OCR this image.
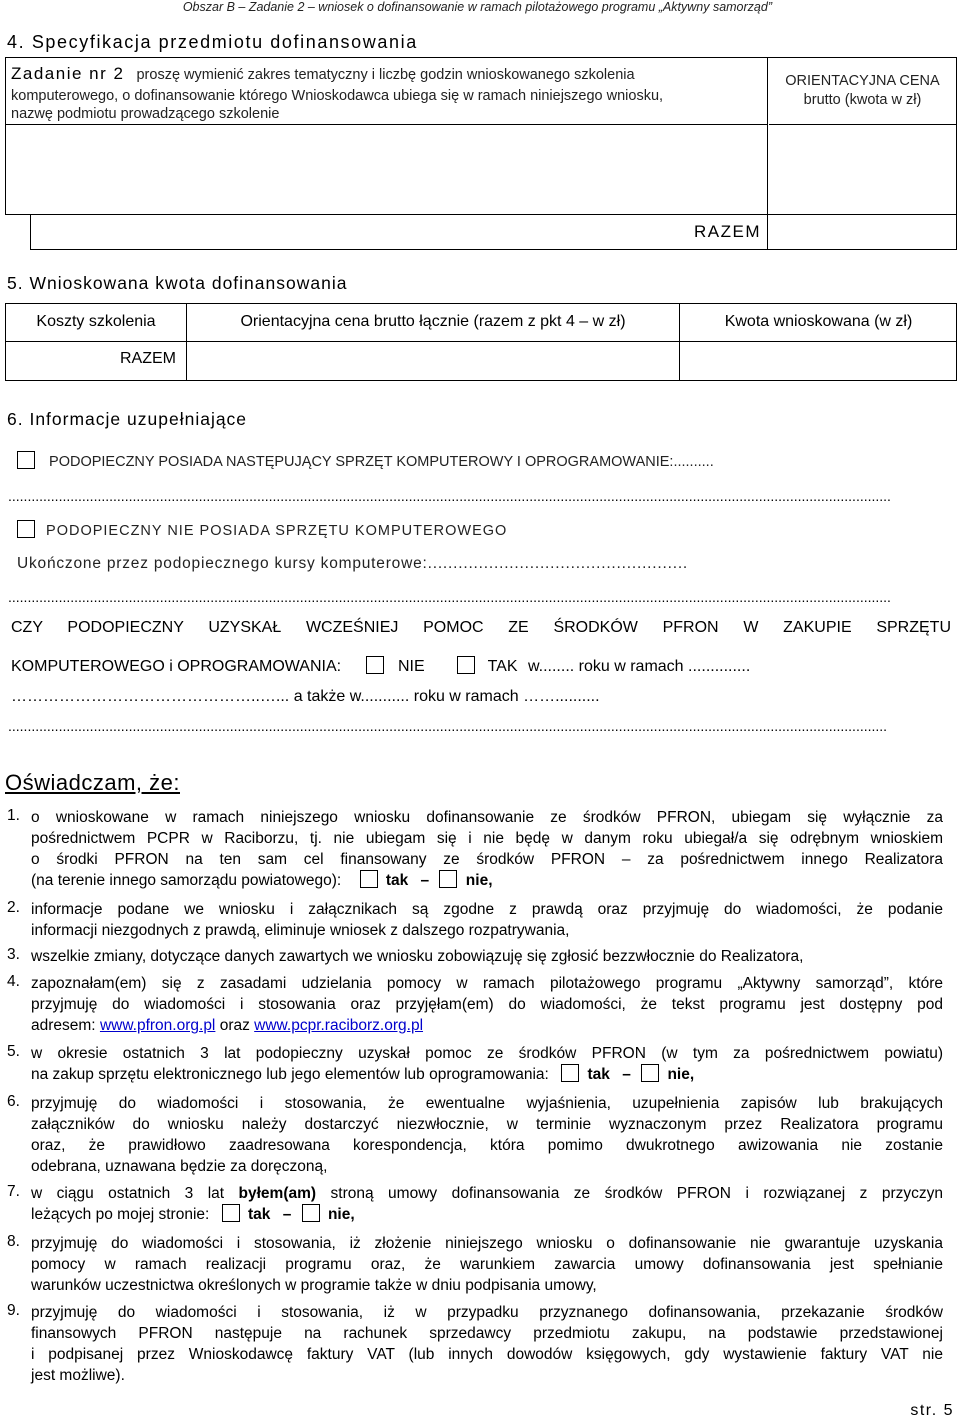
Obszar B – Zadanie 2 – wniosek o dofinansowanie w ramach pilotażowego programu „Aktywny samorząd”
4. Specyfikacja przedmiotu dofinansowania
Zadanie nr 2 proszę wymienić zakres tematyczny i liczbę godzin wnioskowanego szkolenia
komputerowego, o dofinansowanie którego Wnioskodawca ubiega się w ramach niniejszego wniosku,
nazwę podmiotu prowadzącego szkolenie
ORIENTACYJNA CENA
brutto (kwota w zł)
RAZEM
5. Wnioskowana kwota dofinansowania
Koszty szkolenia	Orientacyjna cena brutto łącznie (razem z pkt 4 – w zł)	Kwota wnioskowana (w zł)
RAZEM
6. Informacje uzupełniające
PODOPIECZNY POSIADA NASTĘPUJĄCY SPRZĘT KOMPUTEROWY I OPROGRAMOWANIE:..........
...................................................................................................................................................................................................................................
PODOPIECZNY NIE POSIADA SPRZĘTU KOMPUTEROWEGO
Ukończone przez podopiecznego kursy komputerowe:...................................................
...................................................................................................................................................................................................................................
CZY PODOPIECZNY UZYSKAŁ WCZEŚNIEJ POMOC ZE ŚRODKÓW PFRON W ZAKUPIE SPRZĘTU
KOMPUTEROWEGO i OPROGRAMOWANIA:	NIE	TAK w........ roku w ramach ..............
………………………………………..…... a także w........... roku w ramach ……..........
..................................................................................................................................................................................................................................
Oświadczam, że:
1. o wnioskowane w ramach niniejszego wniosku dofinansowanie ze środków PFRON, ubiegam się wyłącznie za
pośrednictwem PCPR w Raciborzu, tj. nie ubiegam się i nie będę w danym roku ubiegał/a się odrębnym wnioskiem
o środki PFRON na ten sam cel finansowany ze środków PFRON – za pośrednictwem innego Realizatora
(na terenie innego samorządu powiatowego):	tak – nie,
2. informacje podane we wniosku i załącznikach są zgodne z prawdą oraz przyjmuję do wiadomości, że podanie
informacji niezgodnych z prawdą, eliminuje wniosek z dalszego rozpatrywania,
3. wszelkie zmiany, dotyczące danych zawartych we wniosku zobowiązuję się zgłosić bezzwłocznie do Realizatora,
4. zapoznałam(em) się z zasadami udzielania pomocy w ramach pilotażowego programu „Aktywny samorząd”, które
przyjmuję do wiadomości i stosowania oraz przyjęłam(em) do wiadomości, że tekst programu jest dostępny pod
adresem: www.pfron.org.pl oraz www.pcpr.raciborz.org.pl
5. w okresie ostatnich 3 lat podopieczny uzyskał pomoc ze środków PFRON (w tym za pośrednictwem powiatu)
na zakup sprzętu elektronicznego lub jego elementów lub oprogramowania: tak – nie,
6. przyjmuję do wiadomości i stosowania, że ewentualne wyjaśnienia, uzupełnienia zapisów lub brakujących
załączników do wniosku należy dostarczyć niezwłocznie, w terminie wyznaczonym przez Realizatora programu
oraz, że prawidłowo zaadresowana korespondencja, która pomimo dwukrotnego awizowania nie zostanie
odebrana, uznawana będzie za doręczoną,
7. w ciągu ostatnich 3 lat byłem(am) stroną umowy dofinansowania ze środków PFRON i rozwiązanej z przyczyn
leżących po mojej stronie: tak – nie,
8. przyjmuję do wiadomości i stosowania, iż złożenie niniejszego wniosku o dofinansowanie nie gwarantuje uzyskania
pomocy w ramach realizacji programu oraz, że warunkiem zawarcia umowy dofinansowania jest spełnianie
warunków uczestnictwa określonych w programie także w dniu podpisania umowy,
9. przyjmuję do wiadomości i stosowania, iż w przypadku przyznanego dofinansowania, przekazanie środków
finansowych PFRON następuje na rachunek sprzedawcy przedmiotu zakupu, na podstawie przedstawionej
i podpisanej przez Wnioskodawcę faktury VAT (lub innych dowodów księgowych, gdy wystawienie faktury VAT nie
jest możliwe).
str. 5
